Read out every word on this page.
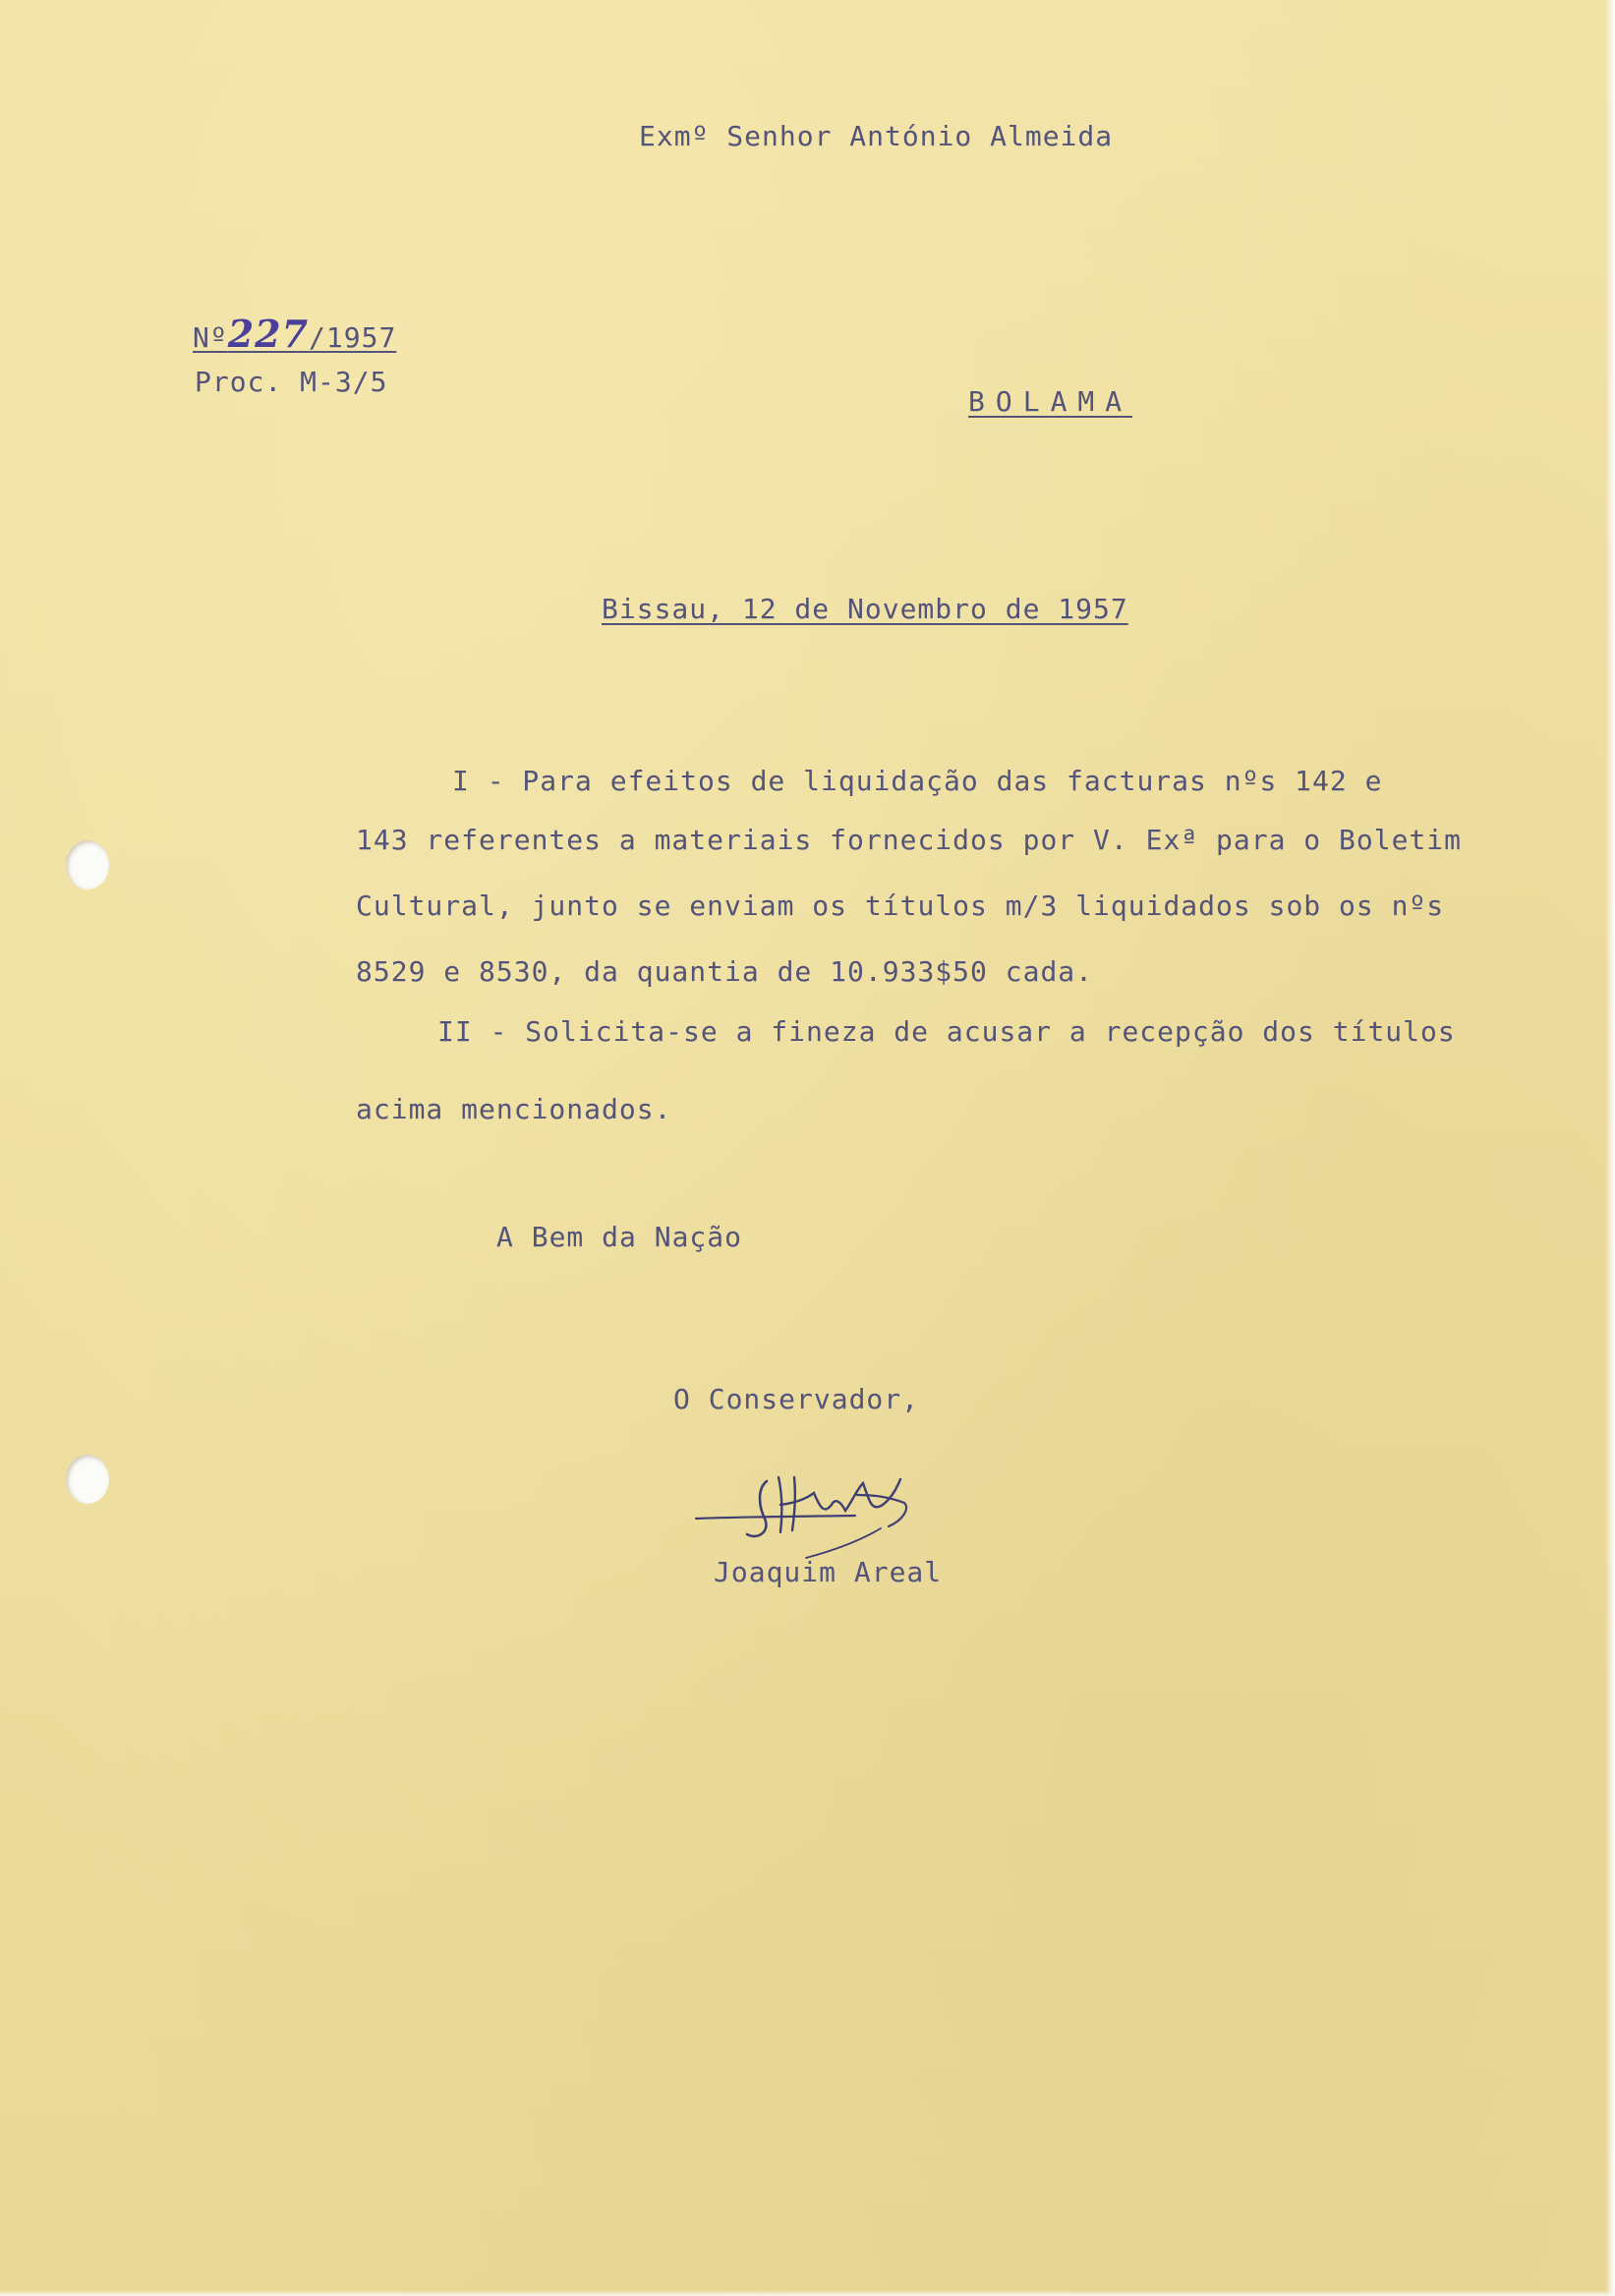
Exmº Senhor António Almeida
Nº227/1957
Proc. M-3/5
BOLAMA
Bissau, 12 de Novembro de 1957
I - Para efeitos de liquidação das facturas nºs 142 e
143 referentes a materiais fornecidos por V. Exª para o Boletim
Cultural, junto se enviam os títulos m/3 liquidados sob os nºs
8529 e 8530, da quantia de 10.933$50 cada.
II - Solicita-se a fineza de acusar a recepção dos títulos
acima mencionados.
A Bem da Nação
O Conservador,
Joaquim Areal
